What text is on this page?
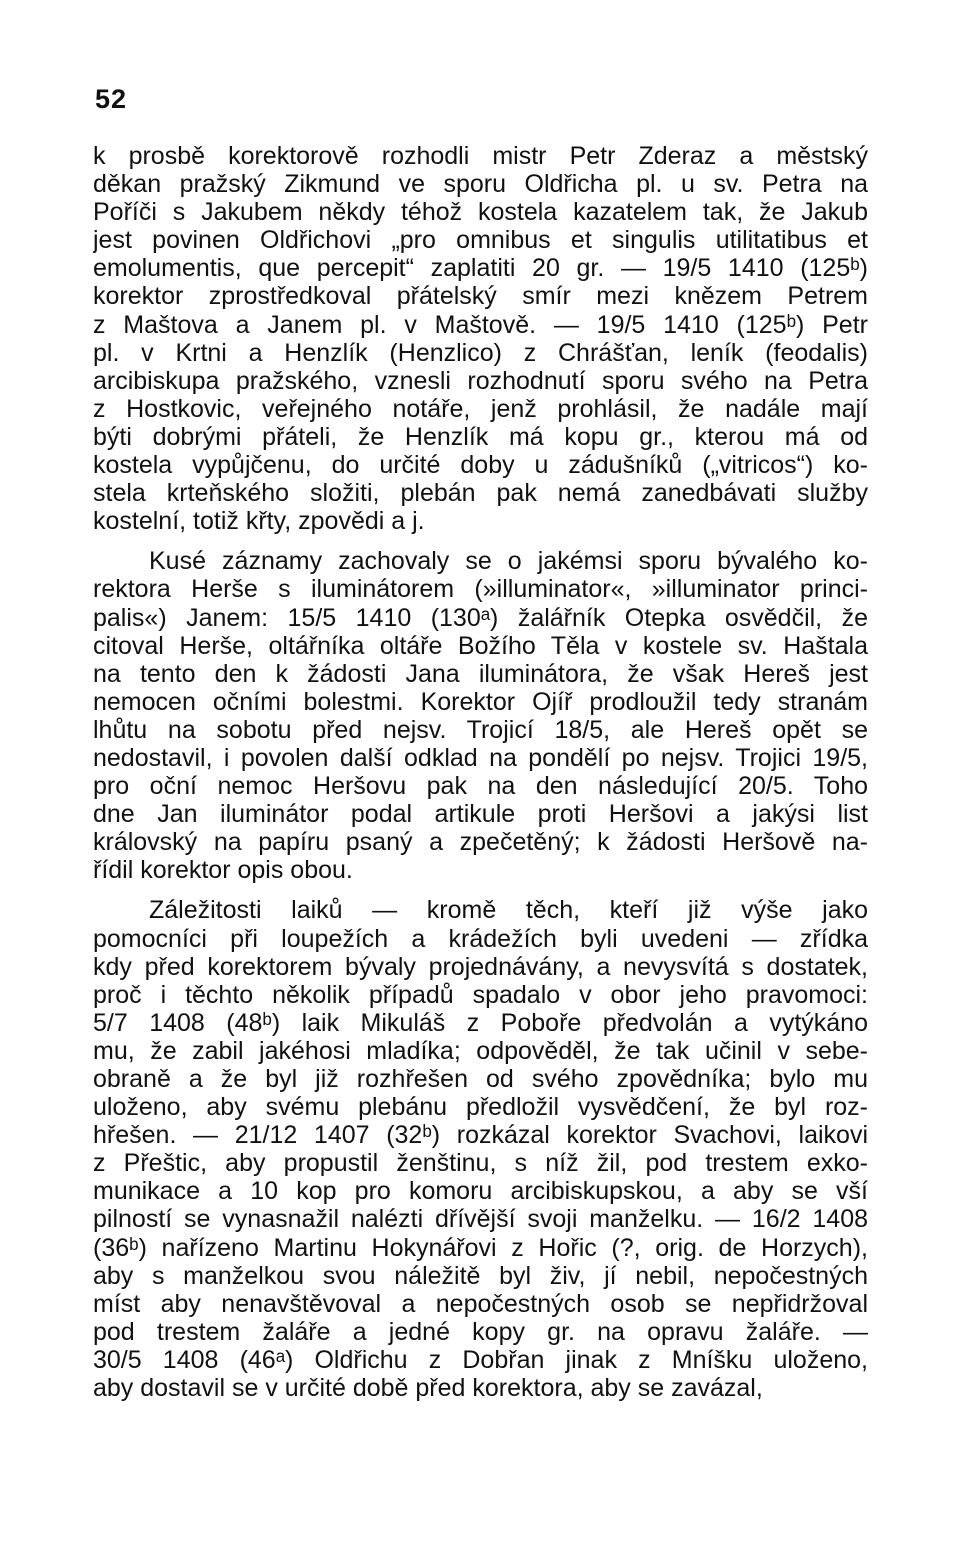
52

k prosbě korektorově rozhodli mistr Petr Zderaz a městský
děkan pražský Zikmund ve sporu Oldřicha pl. u sv. Petra na
Poříči s Jakubem někdy téhož kostela kazatelem tak, že Jakub
jest povinen Oldřichovi „pro omnibus et singulis utilitatibus et
emolumentis, que percepit“ zaplatiti 20 gr. — 19/5 1410 (125ᵇ)
korektor zprostředkoval přátelský smír mezi knězem Petrem
z Maštova a Janem pl. v Maštově. — 19/5 1410 (125ᵇ) Petr
pl. v Krtni a Henzlík (Henzlico) z Chrášťan, leník (feodalis)
arcibiskupa pražského, vznesli rozhodnutí sporu svého na Petra
z Hostkovic, veřejného notáře, jenž prohlásil, že nadále mají
býti dobrými přáteli, že Henzlík má kopu gr., kterou má od
kostela vypůjčenu, do určité doby u zádušníků („vitricos“) ko-
stela krteňského složiti, plebán pak nemá zanedbávati služby
kostelní, totiž křty, zpovědi a j.
Kusé záznamy zachovaly se o jakémsi sporu bývalého ko-
rektora Herše s iluminátorem (»illuminator«, »illuminator princi-
palis«) Janem: 15/5 1410 (130ᵃ) žalářník Otepka osvědčil, že
citoval Herše, oltářníka oltáře Božího Těla v kostele sv. Haštala
na tento den k žádosti Jana iluminátora, že však Hereš jest
nemocen očními bolestmi. Korektor Ojíř prodloužil tedy stranám
lhůtu na sobotu před nejsv. Trojicí 18/5, ale Hereš opět se
nedostavil, i povolen další odklad na pondělí po nejsv. Trojici 19/5,
pro oční nemoc Heršovu pak na den následující 20/5. Toho
dne Jan iluminátor podal artikule proti Heršovi a jakýsi list
královský na papíru psaný a zpečetěný; k žádosti Heršově na-
řídil korektor opis obou.
Záležitosti laiků — kromě těch, kteří již výše jako
pomocníci při loupežích a krádežích byli uvedeni — zřídka
kdy před korektorem bývaly projednávány, a nevysvítá s dostatek,
proč i těchto několik případů spadalo v obor jeho pravomoci:
5/7 1408 (48ᵇ) laik Mikuláš z Poboře předvolán a vytýkáno
mu, že zabil jakéhosi mladíka; odpověděl, že tak učinil v sebe-
obraně a že byl již rozhřešen od svého zpovědníka; bylo mu
uloženo, aby svému plebánu předložil vysvědčení, že byl roz-
hřešen. — 21/12 1407 (32ᵇ) rozkázal korektor Svachovi, laikovi
z Přeštic, aby propustil ženštinu, s níž žil, pod trestem exko-
munikace a 10 kop pro komoru arcibiskupskou, a aby se vší
pilností se vynasnažil nalézti dřívější svoji manželku. — 16/2 1408
(36ᵇ) nařízeno Martinu Hokynářovi z Hořic (?, orig. de Horzych),
aby s manželkou svou náležitě byl živ, jí nebil, nepočestných
míst aby nenavštěvoval a nepočestných osob se nepřidržoval
pod trestem žaláře a jedné kopy gr. na opravu žaláře. —
30/5 1408 (46ᵃ) Oldřichu z Dobřan jinak z Mníšku uloženo,
aby dostavil se v určité době před korektora, aby se zavázal,
